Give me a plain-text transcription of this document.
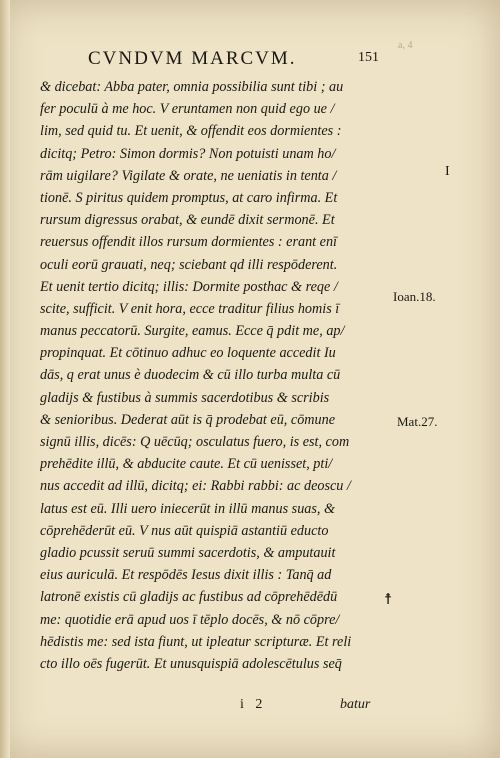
CVNDVM MARCVM.	151
a, 4
& dicebat: Abba pater, omnia possibilia sunt tibi ; au
fer poculū à me hoc. V eruntamen non quid ego ue /
lim, sed quid tu. Et uenit, & offendit eos dormientes :
dicitq; Petro: Simon dormis? Non potuisti unam ho/
rām uigilare? Vigilate & orate, ne ueniatis in tenta /
tionē. S piritus quidem promptus, at caro infirma. Et
rursum digressus orabat, & eundē dixit sermonē. Et
reuersus offendit illos rursum dormientes : erant enī
oculi eorū grauati, neq; sciebant qd illi respōderent.
Et uenit tertio dicitq; illis: Dormite posthac & reqe /
scite, sufficit. V enit hora, ecce traditur filius homis ī
manus peccatorū. Surgite, eamus. Ecce q̄ pdit me, ap/
propinquat. Et cōtinuo adhuc eo loquente accedit Iu
dās, q erat unus è duodecim & cū illo turba multa cū
gladijs & fustibus à summis sacerdotibus & scribis
& senioribus. Dederat aūt is q̄ prodebat eū, cōmune
signū illis, dicēs: Q uēcūq; osculatus fuero, is est, com
prehēdite illū, & abducite caute. Et cū uenisset, pti/
nus accedit ad illū, dicitq; ei: Rabbi rabbi: ac deoscu /
latus est eū. Illi uero iniecerūt in illū manus suas, &
cōprehēderūt eū. V nus aūt quispiā astantiū educto
gladio pcussit seruū summi sacerdotis, & amputauit
eius auriculā. Et respōdēs Iesus dixit illis : Tanq̄ ad
latronē existis cū gladijs ac fustibus ad cōprehēdēdū
me: quotidie erā apud uos ī tēplo docēs, & nō cōpre/
hēdistis me: sed ista fiunt, ut ipleatur scripturæ. Et reli
cto illo oēs fugerūt. Et unusquispiā adolescētulus seq̄
I
Ioan.18.
Mat.27.
☨
i 2	batur
